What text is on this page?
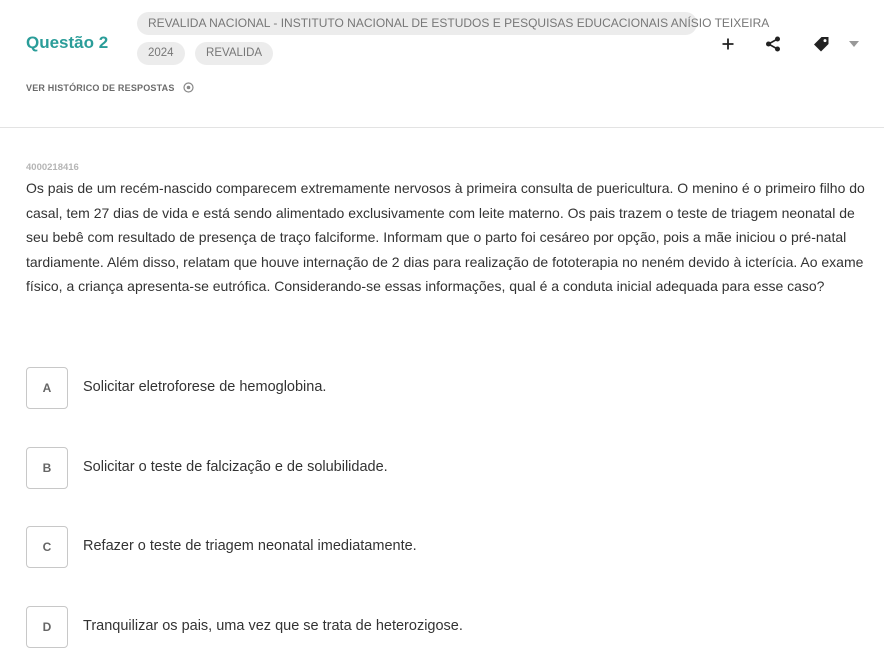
Questão 2
REVALIDA NACIONAL - INSTITUTO NACIONAL DE ESTUDOS E PESQUISAS EDUCACIONAIS ANÍSIO TEIXEIRA
2024	REVALIDA
VER HISTÓRICO DE RESPOSTAS
4000218416
Os pais de um recém-nascido comparecem extremamente nervosos à primeira consulta de puericultura. O menino é o primeiro filho do casal, tem 27 dias de vida e está sendo alimentado exclusivamente com leite materno. Os pais trazem o teste de triagem neonatal de seu bebê com resultado de presença de traço falciforme. Informam que o parto foi cesáreo por opção, pois a mãe iniciou o pré-natal tardiamente. Além disso, relatam que houve internação de 2 dias para realização de fototerapia no neném devido à icterícia. Ao exame físico, a criança apresenta-se eutrófica. Considerando-se essas informações, qual é a conduta inicial adequada para esse caso?
A	Solicitar eletroforese de hemoglobina.
B	Solicitar o teste de falcização e de solubilidade.
C	Refazer o teste de triagem neonatal imediatamente.
D	Tranquilizar os pais, uma vez que se trata de heterozigose.
